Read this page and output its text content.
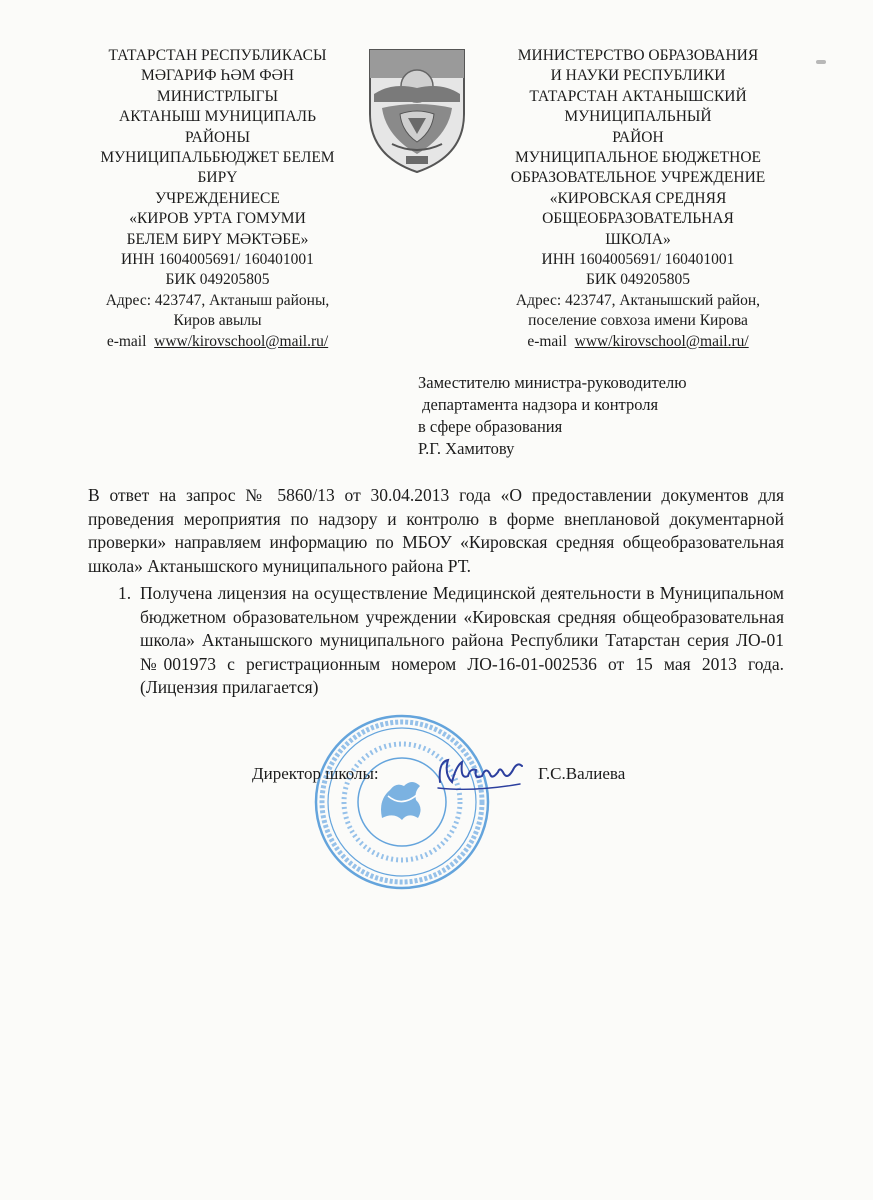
ТАТАРСТАН РЕСПУБЛИКАСЫ
МӘГАРИФ ҺӘМ ФӘН
МИНИСТРЛЫГЫ
АКТАНЫШ МУНИЦИПАЛЬ
РАЙОНЫ
МУНИЦИПАЛЬБЮДЖЕТ БЕЛЕМ
БИРҮ
УЧРЕЖДЕНИЕСЕ
«КИРОВ УРТА ГОМУМИ
БЕЛЕМ БИРҮ МӘКТӘБЕ»
ИНН 1604005691/ 160401001
БИК 049205805
Адрес: 423747, Актаныш районы,
Киров авылы
e-mail www/kirovschool@mail.ru/
МИНИСТЕРСТВО ОБРАЗОВАНИЯ
И НАУКИ РЕСПУБЛИКИ
ТАТАРСТАН АКТАНЫШСКИЙ
МУНИЦИПАЛЬНЫЙ
РАЙОН
МУНИЦИПАЛЬНОЕ БЮДЖЕТНОЕ
ОБРАЗОВАТЕЛЬНОЕ УЧРЕЖДЕНИЕ
«КИРОВСКАЯ СРЕДНЯЯ
ОБЩЕОБРАЗОВАТЕЛЬНАЯ
ШКОЛА»
ИНН 1604005691/ 160401001
БИК 049205805
Адрес: 423747, Актанышский район,
поселение совхоза имени Кирова
e-mail www/kirovschool@mail.ru/
Заместителю министра-руководителю
департамента надзора и контроля
в сфере образования
Р.Г. Хамитову
В ответ на запрос № 5860/13 от 30.04.2013 года «О предоставлении документов для проведения мероприятия по надзору и контролю в форме внеплановой документарной проверки» направляем информацию по МБОУ «Кировская средняя общеобразовательная школа» Актанышского муниципального района РТ.
1. Получена лицензия на осуществление Медицинской деятельности в Муниципальном бюджетном образовательном учреждении «Кировская средняя общеобразовательная школа» Актанышского муниципального района Республики Татарстан серия ЛО-01 №001973 с регистрационным номером ЛО-16-01-002536 от 15 мая 2013 года. (Лицензия прилагается)
Директор школы:	Г.С.Валиева
